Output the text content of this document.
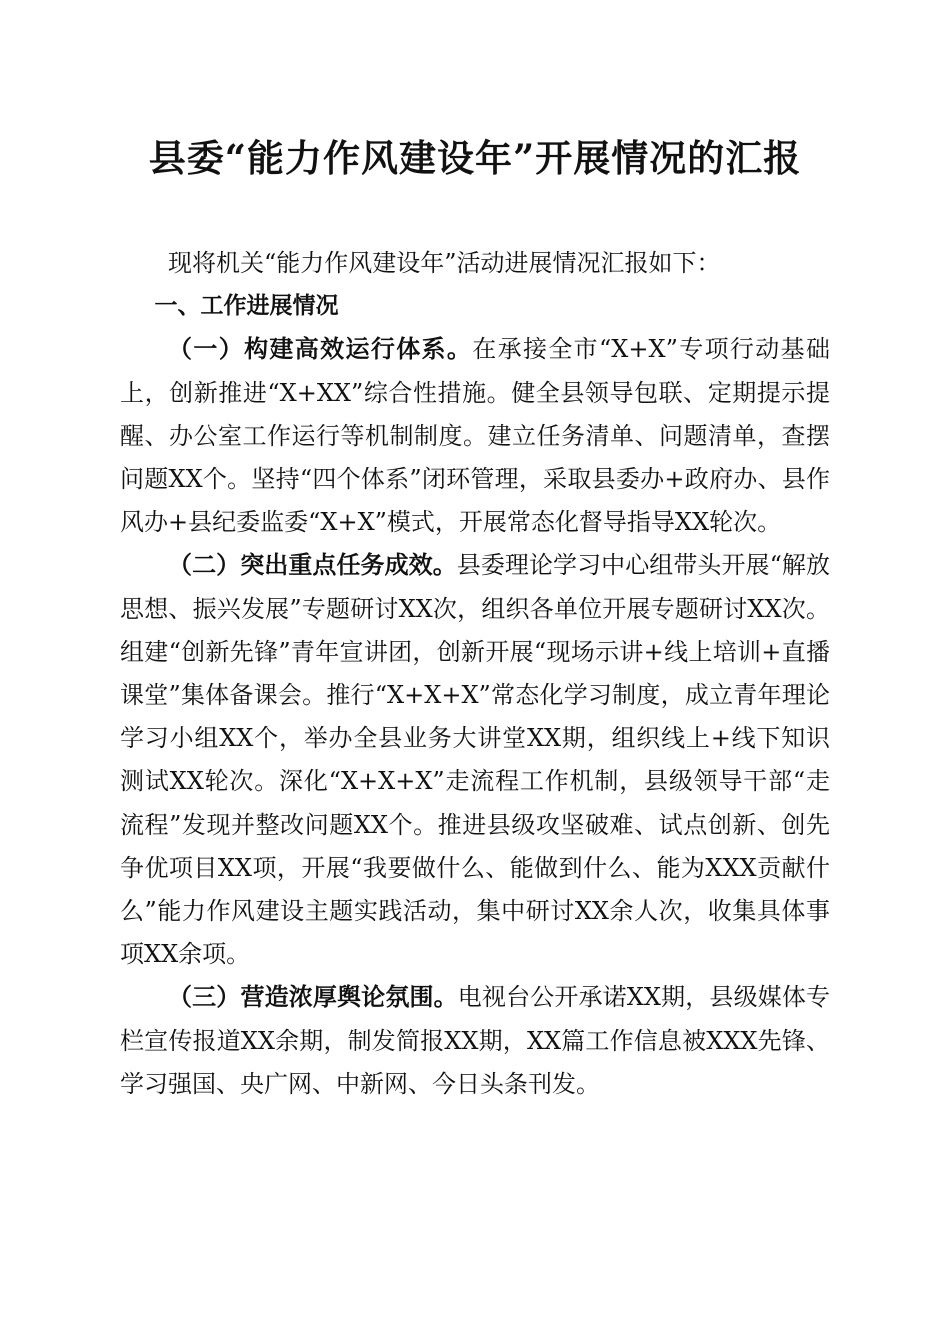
县委“能力作风建设年”开展情况的汇报

现将机关“能力作风建设年”活动进展情况汇报如下：

一、工作进展情况

（一）构建高效运行体系。在承接全市“X+X”专项行动基础上，创新推进“X+XX”综合性措施。健全县领导包联、定期提示提醒、办公室工作运行等机制制度。建立任务清单、问题清单，查摆问题XX个。坚持“四个体系”闭环管理，采取县委办+政府办、县作风办+县纪委监委“X+X”模式，开展常态化督导指导XX轮次。

（二）突出重点任务成效。县委理论学习中心组带头开展“解放思想、振兴发展”专题研讨XX次，组织各单位开展专题研讨XX次。组建“创新先锋”青年宣讲团，创新开展“现场示讲+线上培训+直播课堂”集体备课会。推行“X+X+X”常态化学习制度，成立青年理论学习小组XX个，举办全县业务大讲堂XX期，组织线上+线下知识测试XX轮次。深化“X+X+X”走流程工作机制，县级领导干部“走流程”发现并整改问题XX个。推进县级攻坚破难、试点创新、创先争优项目XX项，开展“我要做什么、能做到什么、能为XXX贡献什么”能力作风建设主题实践活动，集中研讨XX余人次，收集具体事项XX余项。

（三）营造浓厚舆论氛围。电视台公开承诺XX期，县级媒体专栏宣传报道XX余期，制发简报XX期，XX篇工作信息被XXX先锋、学习强国、央广网、中新网、今日头条刊发。
